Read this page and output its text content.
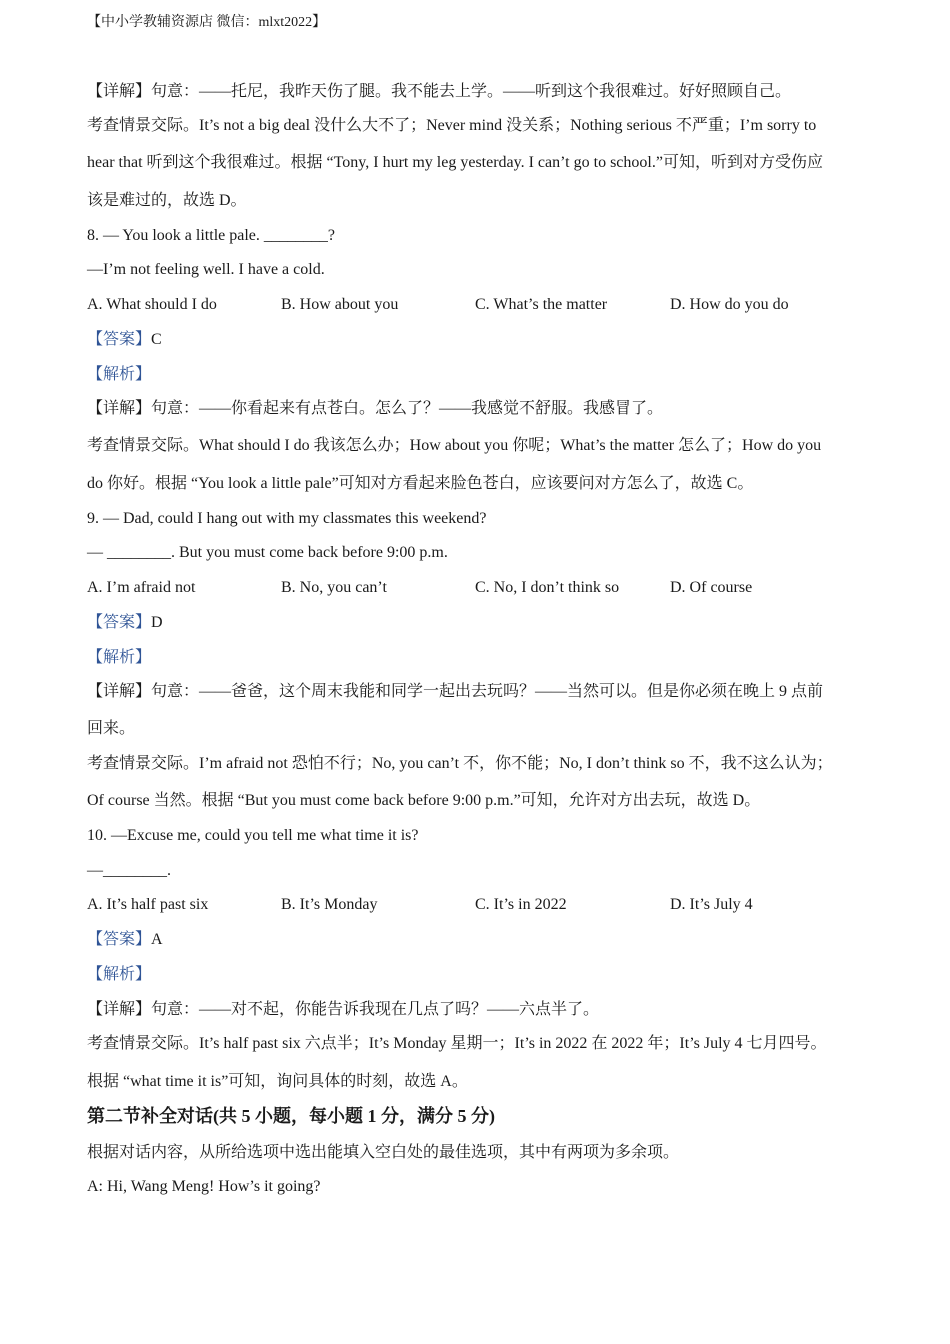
【中小学教辅资源店 微信：mlxt2022】
【详解】句意：——托尼，我昨天伤了腿。我不能去上学。——听到这个我很难过。好好照顾自己。
考查情景交际。It’s not a big deal 没什么大不了；Never mind 没关系；Nothing serious 不严重；I’m sorry to
hear that 听到这个我很难过。根据 “Tony, I hurt my leg yesterday. I can’t go to school.”可知，听到对方受伤应
该是难过的，故选 D。
8. — You look a little pale. ________?
—I’m not feeling well. I have a cold.
A. What should I do	B. How about you	C. What’s the matter	D. How do you do
【答案】C
【解析】
【详解】句意：——你看起来有点苍白。怎么了？——我感觉不舒服。我感冒了。
考查情景交际。What should I do 我该怎么办；How about you 你呢；What’s the matter 怎么了；How do you
do 你好。根据 “You look a little pale”可知对方看起来脸色苍白，应该要问对方怎么了，故选 C。
9. — Dad, could I hang out with my classmates this weekend?
— ________. But you must come back before 9:00 p.m.
A. I’m afraid not	B. No, you can’t	C. No, I don’t think so	D. Of course
【答案】D
【解析】
【详解】句意：——爸爸，这个周末我能和同学一起出去玩吗？——当然可以。但是你必须在晚上 9 点前
回来。
考查情景交际。I’m afraid not 恐怕不行；No, you can’t 不，你不能；No, I don’t think so 不，我不这么认为；
Of course 当然。根据 “But you must come back before 9:00 p.m.”可知，允许对方出去玩，故选 D。
10. —Excuse me, could you tell me what time it is?
—________.
A. It’s half past six	B. It’s Monday	C. It’s in 2022	D. It’s July 4
【答案】A
【解析】
【详解】句意：——对不起，你能告诉我现在几点了吗？——六点半了。
考查情景交际。It’s half past six 六点半；It’s Monday 星期一；It’s in 2022 在 2022 年；It’s July 4 七月四号。
根据 “what time it is”可知，询问具体的时刻，故选 A。
第二节补全对话(共 5 小题，每小题 1 分，满分 5 分)
根据对话内容，从所给选项中选出能填入空白处的最佳选项，其中有两项为多余项。
A: Hi, Wang Meng! How’s it going?
